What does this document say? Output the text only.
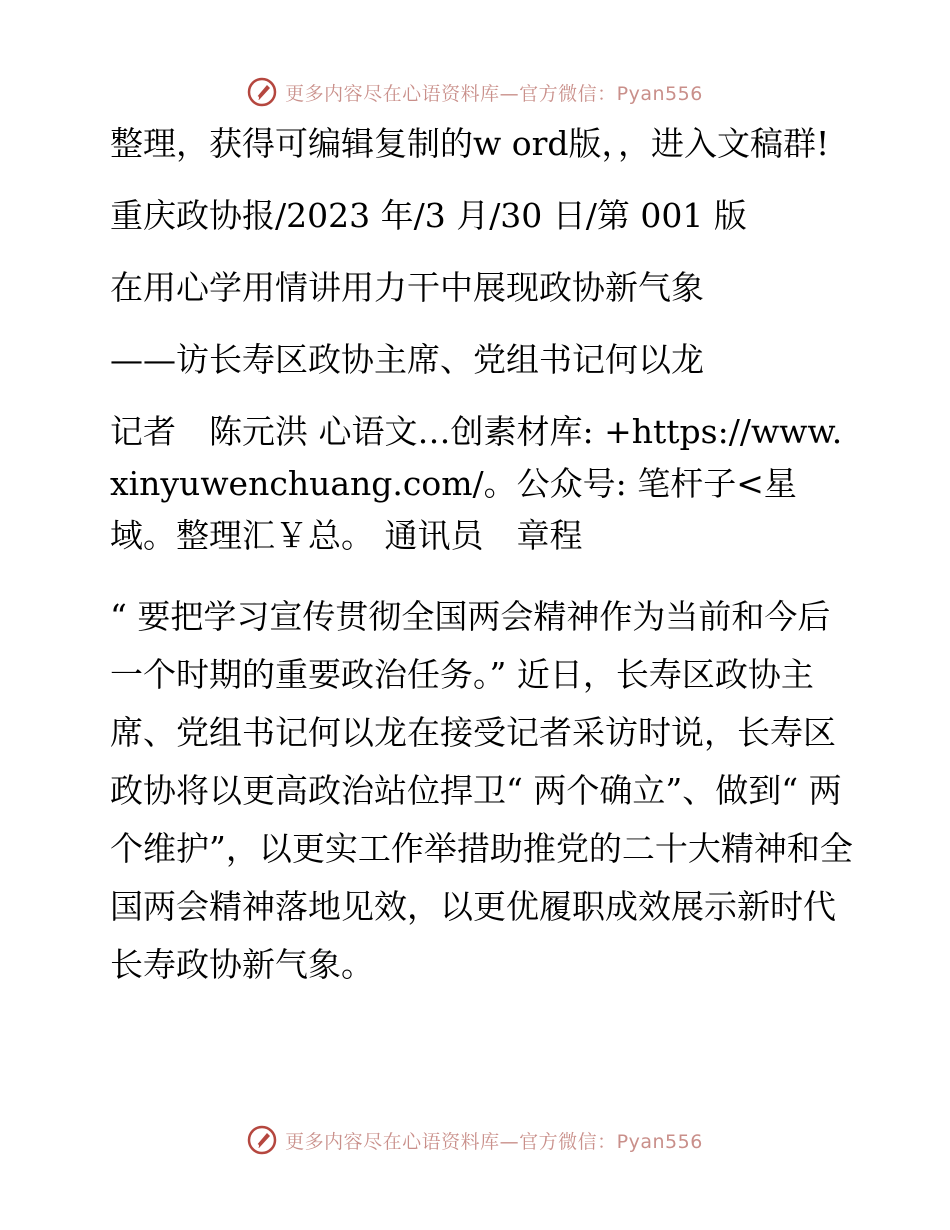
更多内容尽在心语资料库—官方微信：Pyan556

整理，获得可编辑复制的w ord版，，进入文稿群!

重庆政协报/2023 年/3 月/30 日/第 001 版

在用心学用情讲用力干中展现政协新气象

——访长寿区政协主席、党组书记何以龙

记者　陈元洪 心语文…创素材库: +https://www.xinyuwenchuang.com/。公众号: 笔杆子<星域。整理汇￥总。 通讯员　章程

“ 要把学习宣传贯彻全国两会精神作为当前和今后一个时期的重要政治任务。” 近日，长寿区政协主席、党组书记何以龙在接受记者采访时说，长寿区政协将以更高政治站位捍卫“ 两个确立”、做到“ 两个维护”，以更实工作举措助推党的二十大精神和全国两会精神落地见效，以更优履职成效展示新时代长寿政协新气象。

更多内容尽在心语资料库—官方微信：Pyan556
